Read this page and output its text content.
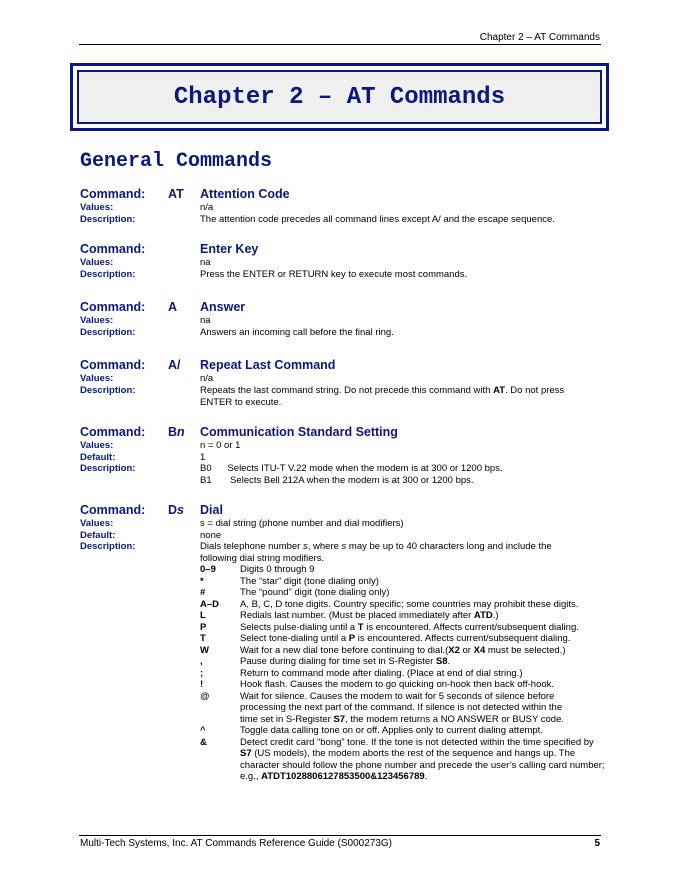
Chapter 2 – AT Commands
Chapter 2 – AT Commands
General Commands
Command: AT Attention Code
Values:	n/a
Description:	The attention code precedes all command lines except A/ and the escape sequence.
Command:	Enter Key
Values:	na
Description:	Press the ENTER or RETURN key to execute most commands.
Command: A Answer
Values:	na
Description:	Answers an incoming call before the final ring.
Command: A/ Repeat Last Command
Values:	n/a
Description:	Repeats the last command string. Do not precede this command with AT. Do not press ENTER to execute.
Command: Bn Communication Standard Setting
Values:	n = 0 or 1
Default:	1
Description:	B0      Selects ITU-T V.22 mode when the modem is at 300 or 1200 bps.
B1       Selects Bell 212A when the modem is at 300 or 1200 bps.
Command: Ds Dial
Values:	s = dial string (phone number and dial modifiers)
Default:	none
Description:	Dials telephone number s, where s may be up to 40 characters long and include the following dial string modifiers.
0–9	Digits 0 through 9
*	The “star” digit (tone dialing only)
#	The “pound” digit (tone dialing only)
A–D A, B, C, D tone digits. Country specific; some countries may prohibit these digits.
L	Redials last number. (Must be placed immediately after ATD.)
P	Selects pulse-dialing until a T is encountered. Affects current/subsequent dialing.
T	Select tone-dialing until a P is encountered. Affects current/subsequent dialing.
W	Wait for a new dial tone before continuing to dial.(X2 or X4 must be selected.)
,	Pause during dialing for time set in S-Register S8.
;	Return to command mode after dialing. (Place at end of dial string.)
!	Hook flash. Causes the modem to go quicking on-hook then back off-hook.
@	Wait for silence. Causes the modem to wait for 5 seconds of silence before processing the next part of the command. If silence is not detected within the time set in S-Register S7, the modem returns a NO ANSWER or BUSY code.
^	Toggle data calling tone on or off. Applies only to current dialing attempt.
&	Detect credit card “bong” tone. If the tone is not detected within the time specified by S7 (US models), the modem aborts the rest of the sequence and hangs up. The character should follow the phone number and precede the user’s calling card number; e.g., ATDT1028806127853500&123456789.
Multi-Tech Systems, Inc. AT Commands Reference Guide (S000273G)	5
